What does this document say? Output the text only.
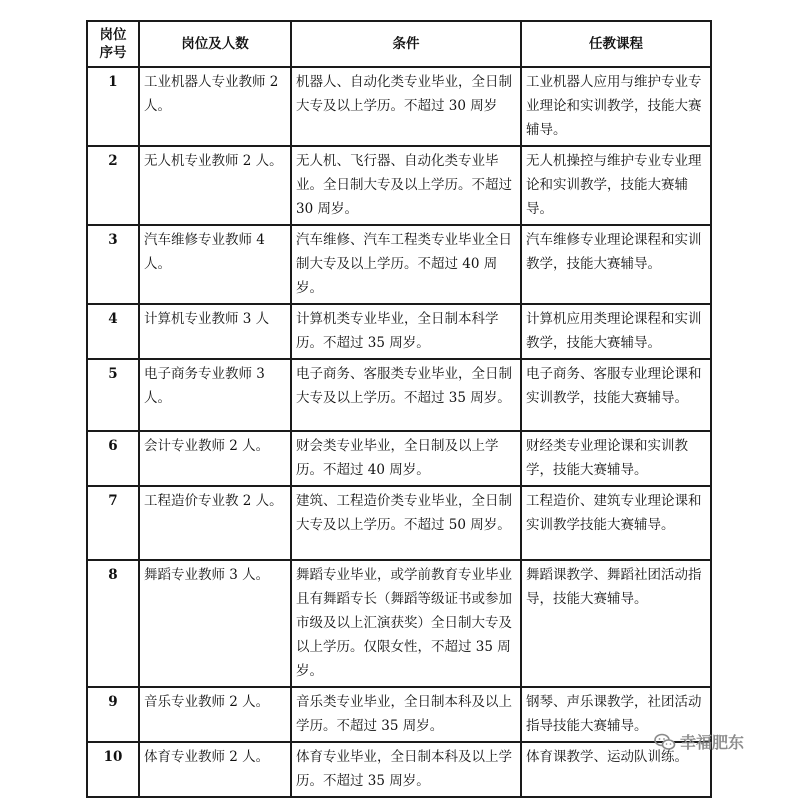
岗位
序号	岗位及人数	条件	任教课程
1	工业机器人专业教师 2 人。	机器人、自动化类专业毕业，全日制大专及以上学历。不超过 30 周岁	工业机器人应用与维护专业专业理论和实训教学，技能大赛辅导。
2	无人机专业教师 2 人。	无人机、飞行器、自动化类专业毕业。全日制大专及以上学历。不超过 30 周岁。	无人机操控与维护专业专业理论和实训教学，技能大赛辅导。
3	汽车维修专业教师 4 人。	汽车维修、汽车工程类专业毕业全日制大专及以上学历。不超过 40 周岁。	汽车维修专业理论课程和实训教学，技能大赛辅导。
4	计算机专业教师 3 人	计算机类专业毕业，全日制本科学历。不超过 35 周岁。	计算机应用类理论课程和实训教学，技能大赛辅导。
5	电子商务专业教师 3 人。	电子商务、客服类专业毕业，全日制大专及以上学历。不超过 35 周岁。	电子商务、客服专业理论课和实训教学，技能大赛辅导。
6	会计专业教师 2 人。	财会类专业毕业，全日制及以上学历。不超过 40 周岁。	财经类专业理论课和实训教学，技能大赛辅导。
7	工程造价专业教 2 人。	建筑、工程造价类专业毕业，全日制大专及以上学历。不超过 50 周岁。	工程造价、建筑专业理论课和实训教学技能大赛辅导。
8	舞蹈专业教师 3 人。	舞蹈专业毕业，或学前教育专业毕业且有舞蹈专长（舞蹈等级证书或参加市级及以上汇演获奖）全日制大专及以上学历。仅限女性，不超过 35 周岁。	舞蹈课教学、舞蹈社团活动指导，技能大赛辅导。
9	音乐专业教师 2 人。	音乐类专业毕业，全日制本科及以上学历。不超过 35 周岁。	钢琴、声乐课教学，社团活动指导技能大赛辅导。
10	体育专业教师 2 人。	体育专业毕业，全日制本科及以上学历。不超过 35 周岁。	体育课教学、运动队训练。
幸福肥东
